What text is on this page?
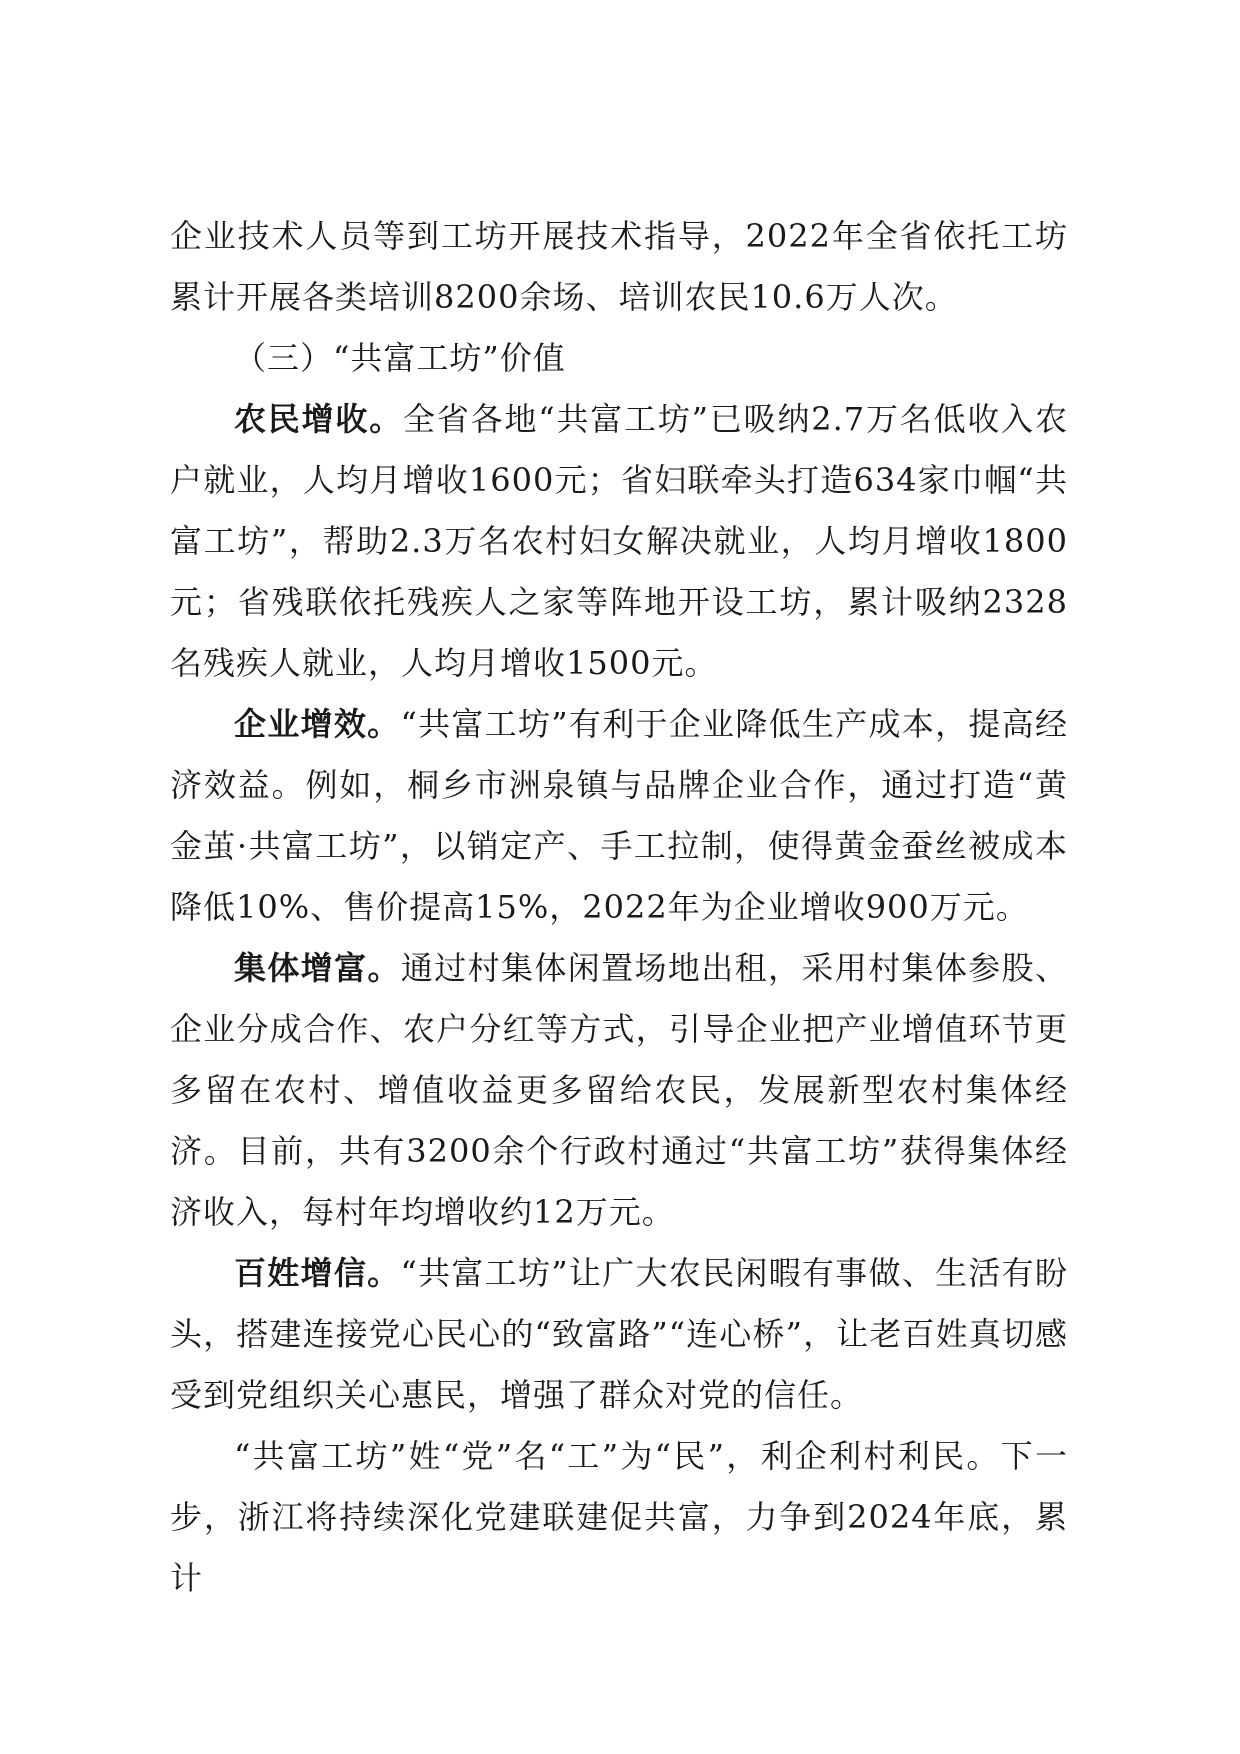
企业技术人员等到工坊开展技术指导，2022年全省依托工坊累计开展各类培训8200余场、培训农民10.6万人次。

（三）“共富工坊”价值

农民增收。全省各地“共富工坊”已吸纳2.7万名低收入农户就业，人均月增收1600元；省妇联牵头打造634家巾帼“共富工坊”，帮助2.3万名农村妇女解决就业，人均月增收1800元；省残联依托残疾人之家等阵地开设工坊，累计吸纳2328名残疾人就业，人均月增收1500元。

企业增效。“共富工坊”有利于企业降低生产成本，提高经济效益。例如，桐乡市洲泉镇与品牌企业合作，通过打造“黄金茧·共富工坊”，以销定产、手工拉制，使得黄金蚕丝被成本降低10%、售价提高15%，2022年为企业增收900万元。

集体增富。通过村集体闲置场地出租，采用村集体参股、企业分成合作、农户分红等方式，引导企业把产业增值环节更多留在农村、增值收益更多留给农民，发展新型农村集体经济。目前，共有3200余个行政村通过“共富工坊”获得集体经济收入，每村年均增收约12万元。

百姓增信。“共富工坊”让广大农民闲暇有事做、生活有盼头，搭建连接党心民心的“致富路”“连心桥”，让老百姓真切感受到党组织关心惠民，增强了群众对党的信任。

“共富工坊”姓“党”名“工”为“民”，利企利村利民。下一步，浙江将持续深化党建联建促共富，力争到2024年底，累计
